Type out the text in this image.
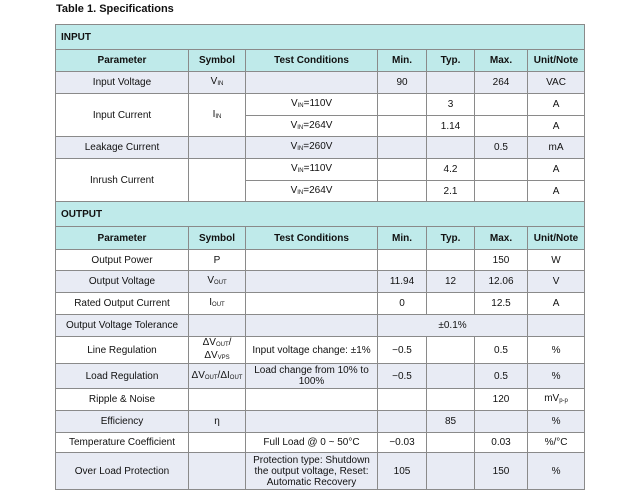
Table 1. Specifications
INPUT						
Parameter	Symbol	Test Conditions	Min.	Typ.	Max.	Unit/Note
Input Voltage	$V_{IN}$		90		264	VAC
Input Current	$I_{IN}$	$V_{IN}=110V$		3		A
		$V_{IN}=264V$		1.14		A
Leakage Current		$V_{IN}=260V$			0.5	mA
Inrush Current		$V_{IN}=110V$		4.2		A
		$V_{IN}=264V$		2.1		A
OUTPUT						
Parameter	Symbol	Test Conditions	Min.	Typ.	Max.	Unit/Note
Output Power	P				150	W
Output Voltage	$V_{OUT}$		11.94	12	12.06	V
Rated Output Current	$I_{OUT}$		0		12.5	A
Output Voltage Tolerance			±0.1%			
Line Regulation	$\Delta V_{OUT}/\Delta V_{VPS}$	Input voltage change: ±1%	−0.5		0.5	%
Load Regulation	$\Delta V_{OUT}/\Delta I_{OUT}$	Load change from 10% to 100%	−0.5		0.5	%
Ripple & Noise					120	$mV_{p-p}$
Efficiency	η			85		%
Temperature Coefficient		Full Load @ 0 ~ 50°C	−0.03		0.03	%/°C
Over Load Protection		Protection type: Shutdown the output voltage, Reset: Automatic Recovery	105		150	%
